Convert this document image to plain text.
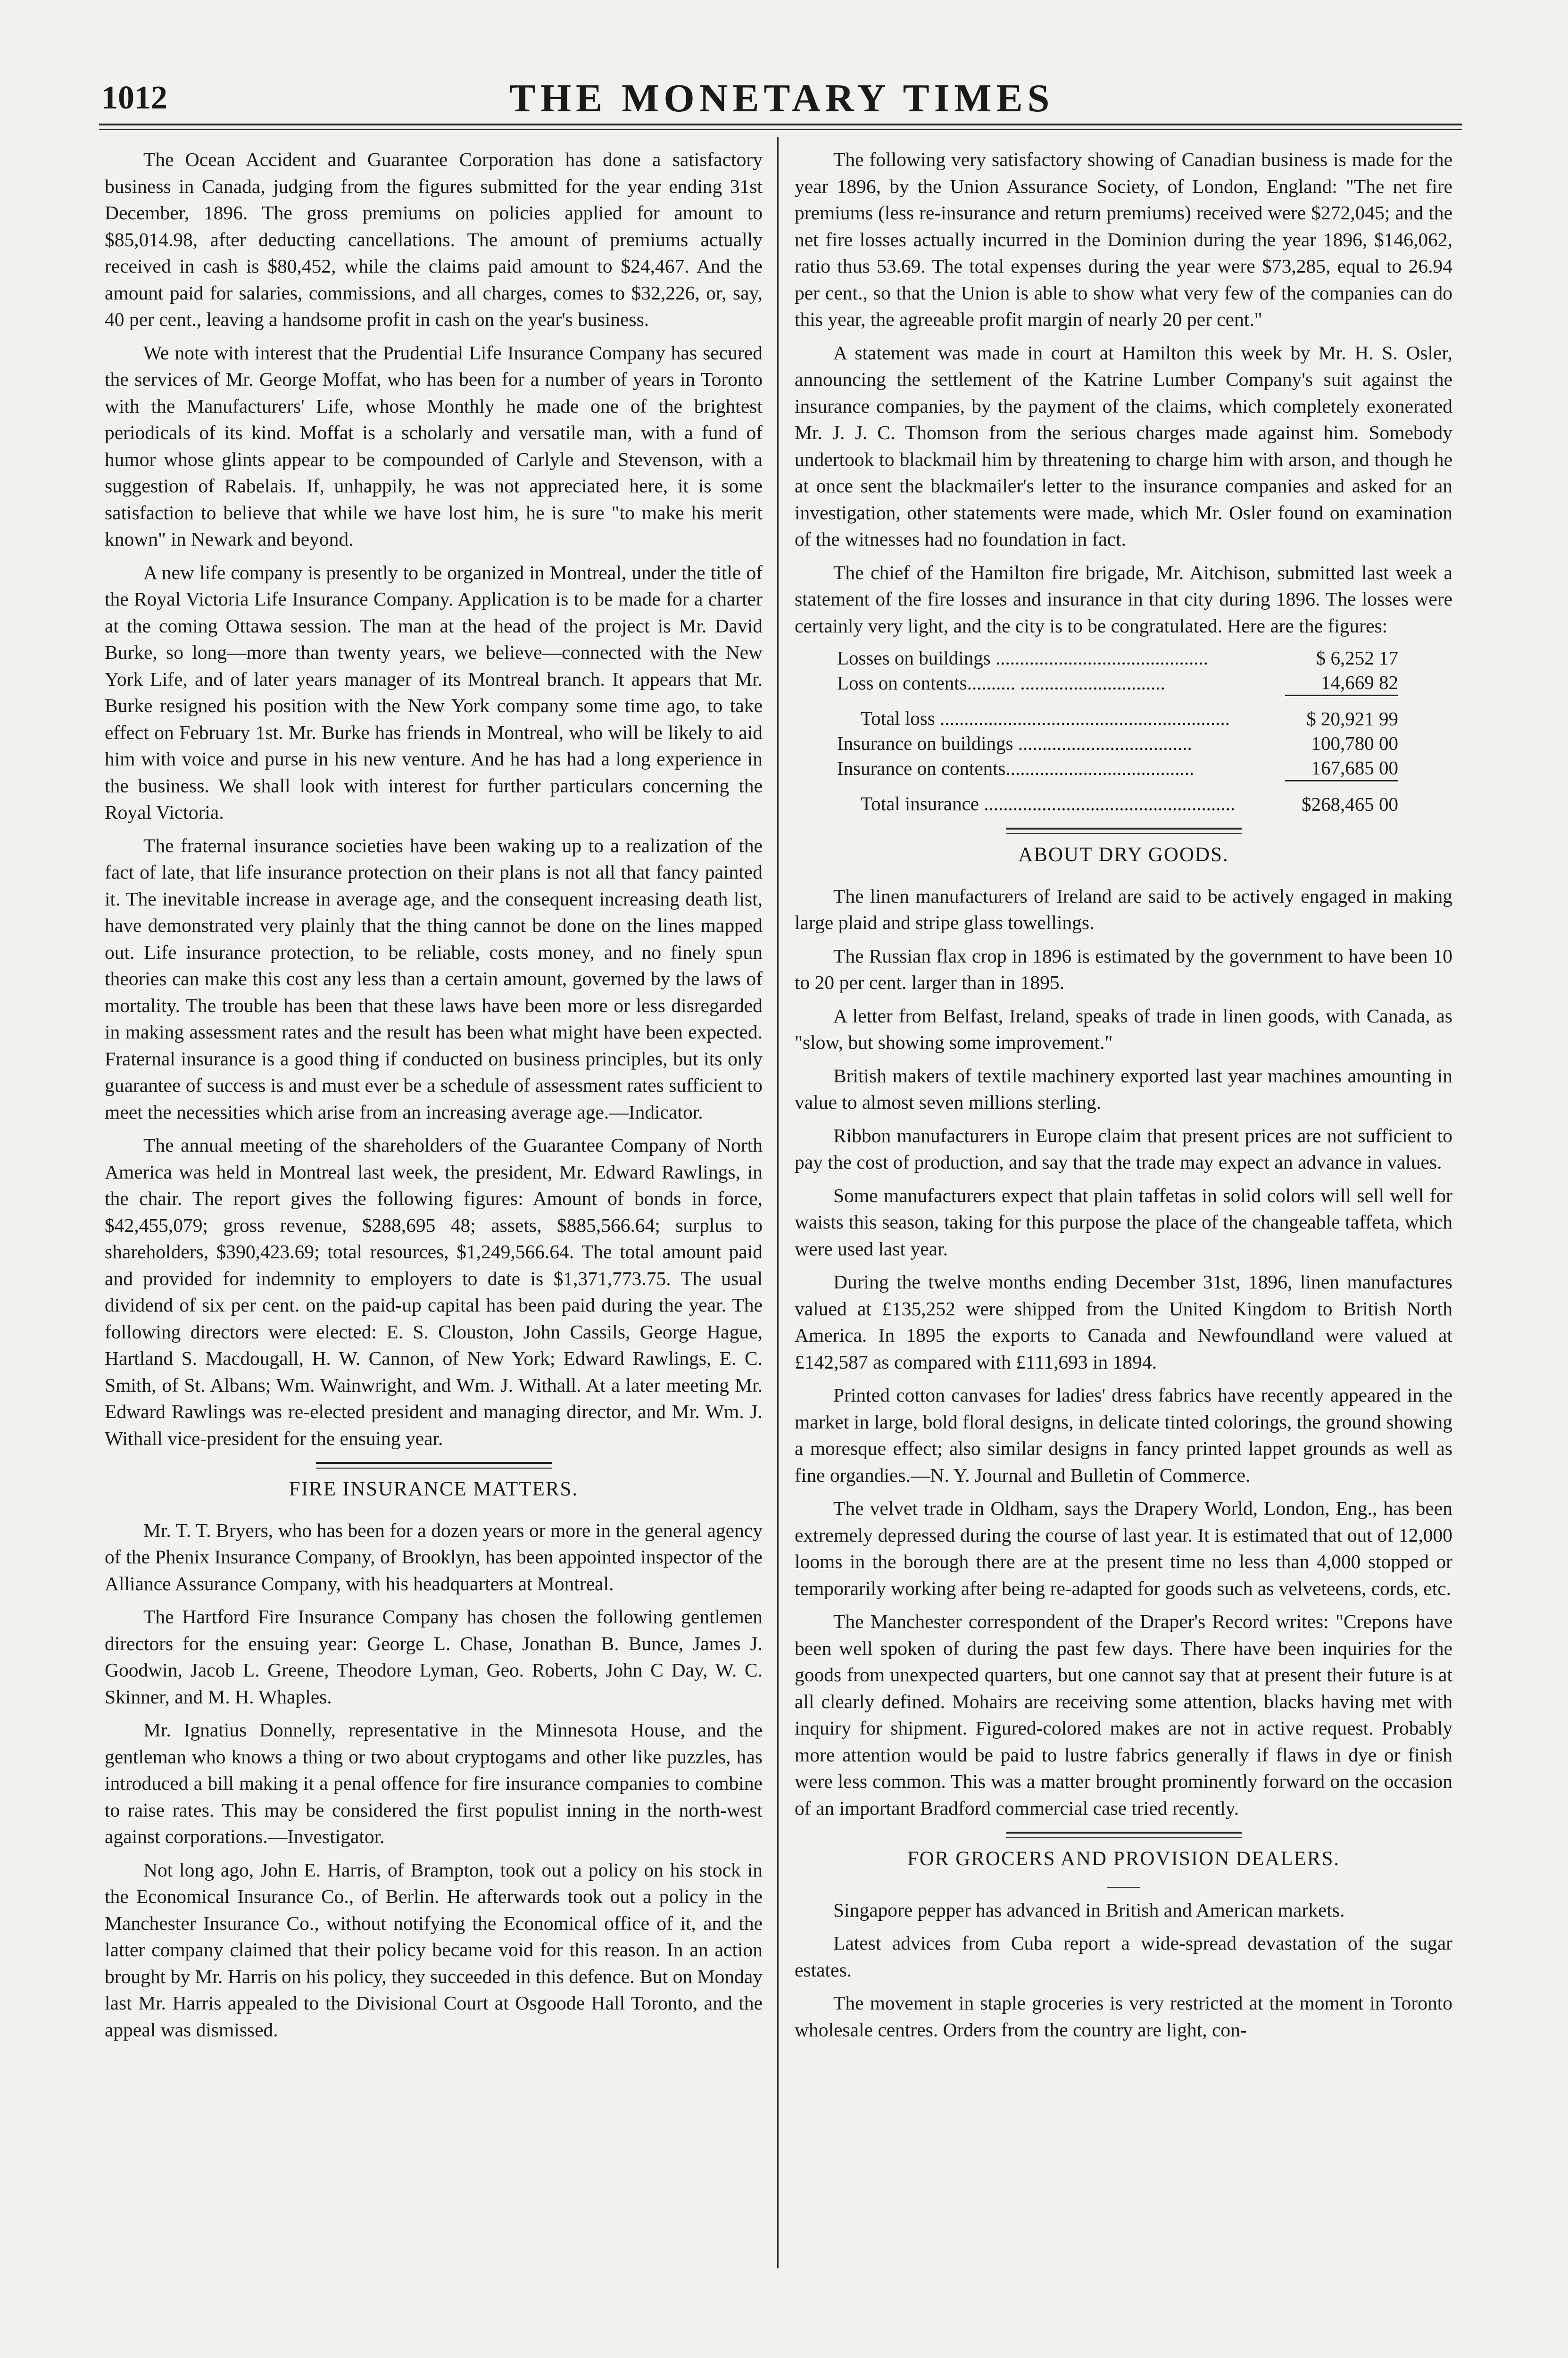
1012	THE MONETARY TIMES

The Ocean Accident and Guarantee Corporation has done a satisfactory business in Canada, judging from the figures submitted for the year ending 31st December, 1896. The gross premiums on policies applied for amount to $85,014.98, after deducting cancellations. The amount of premiums actually received in cash is $80,452, while the claims paid amount to $24,467. And the amount paid for salaries, commissions, and all charges, comes to $32,226, or, say, 40 per cent., leaving a handsome profit in cash on the year's business.

We note with interest that the Prudential Life Insurance Company has secured the services of Mr. George Moffat, who has been for a number of years in Toronto with the Manufacturers' Life, whose Monthly he made one of the brightest periodicals of its kind. Moffat is a scholarly and versatile man, with a fund of humor whose glints appear to be compounded of Carlyle and Stevenson, with a suggestion of Rabelais. If, unhappily, he was not appreciated here, it is some satisfaction to believe that while we have lost him, he is sure "to make his merit known" in Newark and beyond.

A new life company is presently to be organized in Montreal, under the title of the Royal Victoria Life Insurance Company. Application is to be made for a charter at the coming Ottawa session. The man at the head of the project is Mr. David Burke, so long—more than twenty years, we believe—connected with the New York Life, and of later years manager of its Montreal branch. It appears that Mr. Burke resigned his position with the New York company some time ago, to take effect on February 1st. Mr. Burke has friends in Montreal, who will be likely to aid him with voice and purse in his new venture. And he has had a long experience in the business. We shall look with interest for further particulars concerning the Royal Victoria.

The fraternal insurance societies have been waking up to a realization of the fact of late, that life insurance protection on their plans is not all that fancy painted it. The inevitable increase in average age, and the consequent increasing death list, have demonstrated very plainly that the thing cannot be done on the lines mapped out. Life insurance protection, to be reliable, costs money, and no finely spun theories can make this cost any less than a certain amount, governed by the laws of mortality. The trouble has been that these laws have been more or less disregarded in making assessment rates and the result has been what might have been expected. Fraternal insurance is a good thing if conducted on business principles, but its only guarantee of success is and must ever be a schedule of assessment rates sufficient to meet the necessities which arise from an increasing average age.—Indicator.

The annual meeting of the shareholders of the Guarantee Company of North America was held in Montreal last week, the president, Mr. Edward Rawlings, in the chair. The report gives the following figures: Amount of bonds in force, $42,455,079; gross revenue, $288,695 48; assets, $885,566.64; surplus to shareholders, $390,423.69; total resources, $1,249,566.64. The total amount paid and provided for indemnity to employers to date is $1,371,773.75. The usual dividend of six per cent. on the paid-up capital has been paid during the year. The following directors were elected: E. S. Clouston, John Cassils, George Hague, Hartland S. Macdougall, H. W. Cannon, of New York; Edward Rawlings, E. C. Smith, of St. Albans; Wm. Wainwright, and Wm. J. Withall. At a later meeting Mr. Edward Rawlings was re-elected president and managing director, and Mr. Wm. J. Withall vice-president for the ensuing year.

FIRE INSURANCE MATTERS.

Mr. T. T. Bryers, who has been for a dozen years or more in the general agency of the Phenix Insurance Company, of Brooklyn, has been appointed inspector of the Alliance Assurance Company, with his headquarters at Montreal.

The Hartford Fire Insurance Company has chosen the following gentlemen directors for the ensuing year: George L. Chase, Jonathan B. Bunce, James J. Goodwin, Jacob L. Greene, Theodore Lyman, Geo. Roberts, John C Day, W. C. Skinner, and M. H. Whaples.

Mr. Ignatius Donnelly, representative in the Minnesota House, and the gentleman who knows a thing or two about cryptogams and other like puzzles, has introduced a bill making it a penal offence for fire insurance companies to combine to raise rates. This may be considered the first populist inning in the north-west against corporations.—Investigator.

Not long ago, John E. Harris, of Brampton, took out a policy on his stock in the Economical Insurance Co., of Berlin. He afterwards took out a policy in the Manchester Insurance Co., without notifying the Economical office of it, and the latter company claimed that their policy became void for this reason. In an action brought by Mr. Harris on his policy, they succeeded in this defence. But on Monday last Mr. Harris appealed to the Divisional Court at Osgoode Hall Toronto, and the appeal was dismissed.

The following very satisfactory showing of Canadian business is made for the year 1896, by the Union Assurance Society, of London, England: "The net fire premiums (less re-insurance and return premiums) received were $272,045; and the net fire losses actually incurred in the Dominion during the year 1896, $146,062, ratio thus 53.69. The total expenses during the year were $73,285, equal to 26.94 per cent., so that the Union is able to show what very few of the companies can do this year, the agreeable profit margin of nearly 20 per cent."

A statement was made in court at Hamilton this week by Mr. H. S. Osler, announcing the settlement of the Katrine Lumber Company's suit against the insurance companies, by the payment of the claims, which completely exonerated Mr. J. J. C. Thomson from the serious charges made against him. Somebody undertook to blackmail him by threatening to charge him with arson, and though he at once sent the blackmailer's letter to the insurance companies and asked for an investigation, other statements were made, which Mr. Osler found on examination of the witnesses had no foundation in fact.

The chief of the Hamilton fire brigade, Mr. Aitchison, submitted last week a statement of the fire losses and insurance in that city during 1896. The losses were certainly very light, and the city is to be congratulated. Here are the figures:

Losses on buildings ............................................	$ 6,252 17
Loss on contents.......... ..............................	14,669 82
Total loss ............................................................	$ 20,921 99
Insurance on buildings ....................................	100,780 00
Insurance on contents.......................................	167,685 00
Total insurance ....................................................	$268,465 00
ABOUT DRY GOODS.

The linen manufacturers of Ireland are said to be actively engaged in making large plaid and stripe glass towellings.

The Russian flax crop in 1896 is estimated by the government to have been 10 to 20 per cent. larger than in 1895.

A letter from Belfast, Ireland, speaks of trade in linen goods, with Canada, as "slow, but showing some improvement."

British makers of textile machinery exported last year machines amounting in value to almost seven millions sterling.

Ribbon manufacturers in Europe claim that present prices are not sufficient to pay the cost of production, and say that the trade may expect an advance in values.

Some manufacturers expect that plain taffetas in solid colors will sell well for waists this season, taking for this purpose the place of the changeable taffeta, which were used last year.

During the twelve months ending December 31st, 1896, linen manufactures valued at £135,252 were shipped from the United Kingdom to British North America. In 1895 the exports to Canada and Newfoundland were valued at £142,587 as compared with £111,693 in 1894.

Printed cotton canvases for ladies' dress fabrics have recently appeared in the market in large, bold floral designs, in delicate tinted colorings, the ground showing a moresque effect; also similar designs in fancy printed lappet grounds as well as fine organdies.—N. Y. Journal and Bulletin of Commerce.

The velvet trade in Oldham, says the Drapery World, London, Eng., has been extremely depressed during the course of last year. It is estimated that out of 12,000 looms in the borough there are at the present time no less than 4,000 stopped or temporarily working after being re-adapted for goods such as velveteens, cords, etc.

The Manchester correspondent of the Draper's Record writes: "Crepons have been well spoken of during the past few days. There have been inquiries for the goods from unexpected quarters, but one cannot say that at present their future is at all clearly defined. Mohairs are receiving some attention, blacks having met with inquiry for shipment. Figured-colored makes are not in active request. Probably more attention would be paid to lustre fabrics generally if flaws in dye or finish were less common. This was a matter brought prominently forward on the occasion of an important Bradford commercial case tried recently.

FOR GROCERS AND PROVISION DEALERS.

Singapore pepper has advanced in British and American markets.

Latest advices from Cuba report a wide-spread devastation of the sugar estates.

The movement in staple groceries is very restricted at the moment in Toronto wholesale centres. Orders from the country are light, con-
